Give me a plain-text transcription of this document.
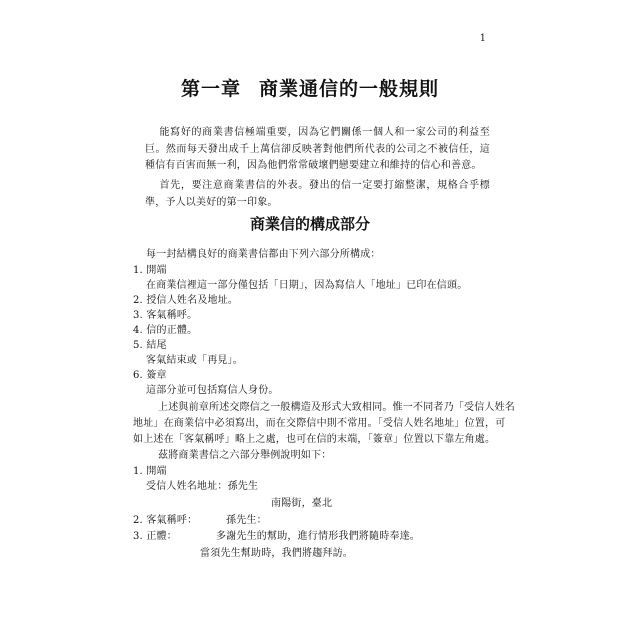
1
第一章 商業通信的一般規則

能寫好的商業書信極端重要，因為它們關係一個人和一家公司的利益至巨。然而每天發出成千上萬信卻反映著對他們所代表的公司之不被信任，這種信有百害而無一利，因為他們常常破壞們戀要建立和維持的信心和善意。

首先，要注意商業書信的外表。發出的信一定要打縮整潔，規格合乎標準，予人以美好的第一印象。

商業信的構成部分
每一封結構良好的商業書信都由下列六部分所構成：
1. 開端
在商業信裡這一部分僅包括「日期」，因為寫信人「地址」已印在信頭。
2. 授信人姓名及地址。
3. 客氣稱呼。
4. 信的正體。
5. 結尾
客氣結束或「再見」。
6. 簽章
這部分並可包括寫信人身份。
上述與前章所述交際信之一般構造及形式大致相同。惟一不同者乃「受信人姓名
地址」在商業信中必須寫出，而在交際信中則不常用。「受信人姓名地址」位置，可
如上述在「客氣稱呼」略上之處，也可在信的末端，「簽章」位置以下靠左角處。
茲將商業書信之六部分舉例說明如下：
1. 開端
受信人姓名地址：孫先生
南陽街，臺北
2. 客氣稱呼：	孫先生：
3. 正體：	多謝先生的幫助，進行情形我們將隨時奉達。
當須先生幫助時，我們將趨拜訪。
